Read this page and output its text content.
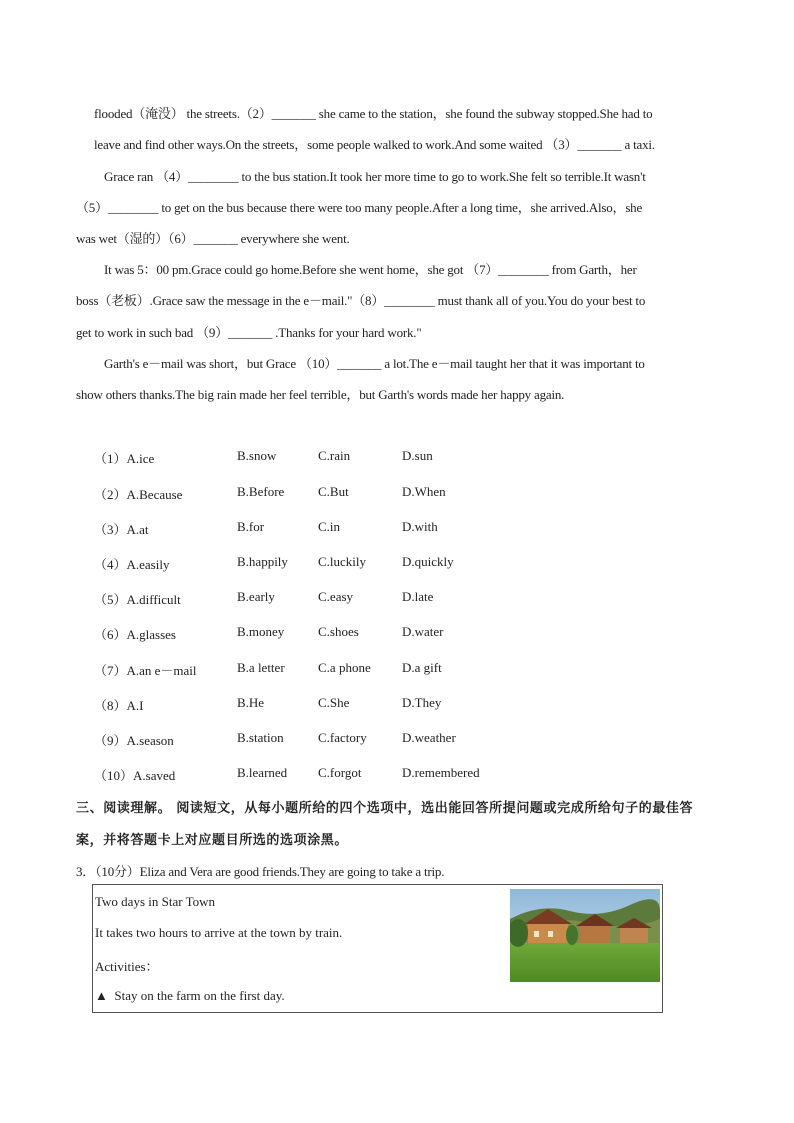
flooded（淹没） the streets.（2）_______ she came to the station，she found the subway stopped.She had to
leave and find other ways.On the streets，some people walked to work.And some waited （3）_______ a taxi.
Grace ran （4）________ to the bus station.It took her more time to go to work.She felt so terrible.It wasn't
（5）________ to get on the bus because there were too many people.After a long time，she arrived.Also，she
was wet（湿的）（6）_______ everywhere she went.
It was 5：00 pm.Grace could go home.Before she went home，she got （7）________ from Garth，her
boss（老板）.Grace saw the message in the e－mail."（8）________ must thank all of you.You do your best to
get to work in such bad （9）_______ .Thanks for your hard work."
Garth's e－mail was short，but Grace （10）_______ a lot.The e－mail taught her that it was important to
show others thanks.The big rain made her feel terrible，but Garth's words made her happy again.
（1）A.ice	B.snow	C.rain	D.sun
（2）A.Because	B.Before	C.But	D.When
（3）A.at	B.for	C.in	D.with
（4）A.easily	B.happily C.luckily	D.quickly
（5）A.difficult	B.early	C.easy	D.late
（6）A.glasses	B.money	C.shoes	D.water
（7）A.an e－mail	B.a letter	C.a phone D.a gift
（8）A.I	B.He	C.She	D.They
（9）A.season	B.station	C.factory	D.weather
（10）A.saved	B.learned C.forgot	D.remembered
三、阅读理解。 阅读短文，从每小题所给的四个选项中，选出能回答所提问题或完成所给句子的最佳答
案，并将答题卡上对应题目所选的选项涂黑。
3．（10分）Eliza and Vera are good friends.They are going to take a trip.
Two days in Star Town
It takes two hours to arrive at the town by train.
Activities：
▲ Stay on the farm on the first day.
